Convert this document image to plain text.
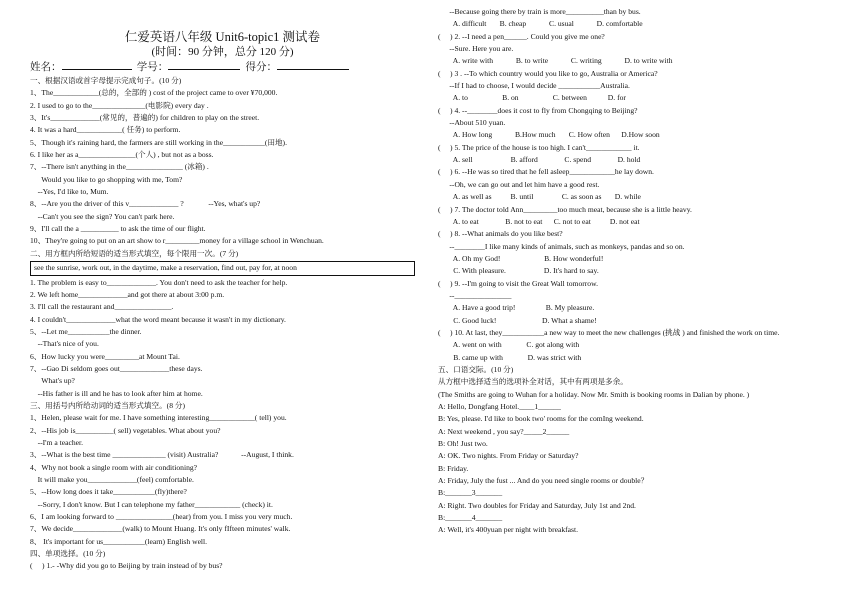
仁爱英语八年级 Unit6-topic1 测试卷
(时间：90 分钟，总分 120 分)
姓名：	学号：	得分：
一、根据汉语或首字母提示完成句子。(10 分)
1、The____________(总的，全部的 ) cost of the project came to over ¥70,000.
2. I used to go to the______________(电影院) every day .
3、It's_____________(常见的，普遍的) for children to play on the street.
4. It was a hard____________( 任务) to perform.
5、Though it's raining hard, the farmers are still working in the___________(田地).
6. I like her as a_______________(个人) , but not as a boss.
7、--There isn't anything in the_______________ (冰箱) .
Would you like to go shopping with me, Tom?
--Yes, I'd like to, Mum.
8、--Are you the driver of this v_____________ ?             --Yes, what's up?
--Can't you see the sign? You can't park here.
9、I'll call the a __________ to ask the time of our flight.
10、They're going to put on an art show to r_________money for a village school in Wenchuan.
二、用方框内所给短语的适当形式填空，每个限用一次。(7 分)
see the sunrise, work out, in the daytime, make a reservation, find out, pay for, at noon
1. The problem is easy to_____________. You don't need to ask the teacher for help.
2. We left home_____________and got there at about 3:00 p.m.
3. I'll call the restaurant and_______________.
4. I couldn't_____________what the word meant because it wasn't in my dictionary.
5、--Let me___________the dinner.
--That's nice of you.
6、How lucky you were_________at Mount Tai.
7、--Gao Di seldom goes out_____________these days.
What's up?
--His father is ill and he has to look after him at home.
三、用括号内所给动词的适当形式填空。(8 分)
1、Helen, please wait for me. I have something interesting____________( tell) you.
2、--His job is__________( sell) vegetables. What about you?
--I'm a teacher.
3、--What is the best time ______________ (visit) Australia?            --August, I think.
4、Why not book a single room with air conditioning?
It will make you_____________(feel) comfortable.
5、--How long does it take___________(fly)there?
--Sorry, I don't know. But I can telephone my father____________ (check) it.
6、I am looking forward to _______________(hear) from you. I miss you very much.
7、We decide_____________(walk) to Mount Huang. It's only fIfteen minutes' walk.
8、 It's important for us___________(learn) English well.
四、单项选择。(10 分)
(     ) 1.- -Why did you go to Beijing by train instead of by bus?
--Because going there by train is more__________than by bus.
A. difficult       B. cheap            C. usual            D. comfortable
(     ) 2. --I need a pen______. Could you give me one?
--Sure. Here you are.
A. write with            B. to write            C. writing            D. to write with
(     ) 3 . --To which country would you like to go, Australia or America?
--If I had to choose, I would decide ___________Australia.
A. to                  B. on                  C. between           D. for
(     ) 4. --________does it cost to fly from Chongqing to Beijing?
--About 510 yuan.
A. How long            B.How much       C. How often      D.How soon
(     ) 5. The price of the house is too high. I can't____________ it.
A. sell                    B. afford              C. spend              D. hold
(     ) 6. --He was so tired that he fell asleep____________he lay down.
--Oh, we can go out and let him have a good rest.
A. as well as          B. until               C. as soon as       D. while
(     ) 7. The doctor told Ann_________too much meat, because she is a little heavy.
A. to eat              B. not to eat      C. not to eat          D. not eat
(     ) 8. --What animals do you like best?
--________I like many kinds of animals, such as monkeys, pandas and so on.
A. Oh my God!                       B. How wonderful!
C. With pleasure.                    D. It's hard to say.
(     ) 9. --I'm going to visit the Great Wall tomorrow.
--_______________
A. Have a good trip!                B. My pleasure.
C. Good luck!                        D. What a shame!
(     ) 10. At last, they___________a new way to meet the new challenges (挑战 ) and finished the work on time.
A. went on with             C. got along with
B. came up with             D. was strict with
五、口语交际。(10 分)
从方框中选择适当的选项补全对话，其中有两项是多余。
(The Smiths are going to Wuhan for a holiday. Now Mr. Smith is booking rooms in Dalian by phone. )
A: Hello, Dongfang Hotel.____1______
B: Yes, please. I'd like to book two' rooms for the comIng weekend.
A: Next weekend , you say?_____2______
B: Oh! Just two.
A: OK. Two nights. From Friday or Saturday?
B: Friday.
A: Friday, July the fust ... And do you need single rooms or double？
B:_______3_______
A: Right. Two doubles for Friday and Saturday, July 1st and 2nd.
B:_______4_______
A: Well, it's 400yuan per night with breakfast.
